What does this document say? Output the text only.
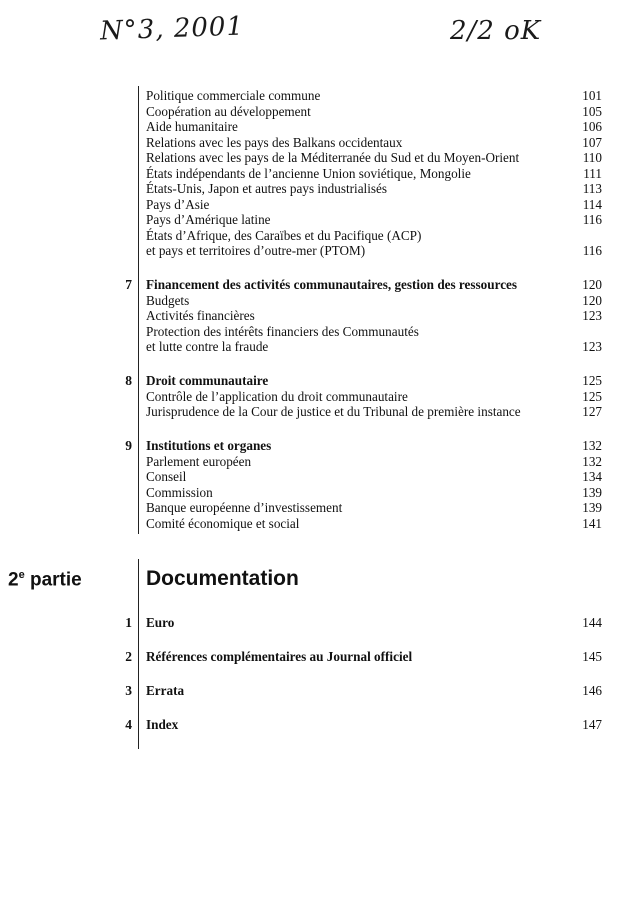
N°3, 2001	2/2 oK
Politique commerciale commune	101
Coopération au développement	105
Aide humanitaire	106
Relations avec les pays des Balkans occidentaux	107
Relations avec les pays de la Méditerranée du Sud et du Moyen-Orient	110
États indépendants de l’ancienne Union soviétique, Mongolie	111
États-Unis, Japon et autres pays industrialisés	113
Pays d’Asie	114
Pays d’Amérique latine	116
États d’Afrique, des Caraïbes et du Pacifique (ACP)
et pays et territoires d’outre-mer (PTOM)	116
7 Financement des activités communautaires, gestion des ressources	120
Budgets	120
Activités financières	123
Protection des intérêts financiers des Communautés
et lutte contre la fraude	123
8 Droit communautaire	125
Contrôle de l’application du droit communautaire	125
Jurisprudence de la Cour de justice et du Tribunal de première instance	127
9 Institutions et organes	132
Parlement européen	132
Conseil	134
Commission	139
Banque européenne d’investissement	139
Comité économique et social	141
2e partie	Documentation
1 Euro	144
2 Références complémentaires au Journal officiel	145
3 Errata	146
4 Index	147
